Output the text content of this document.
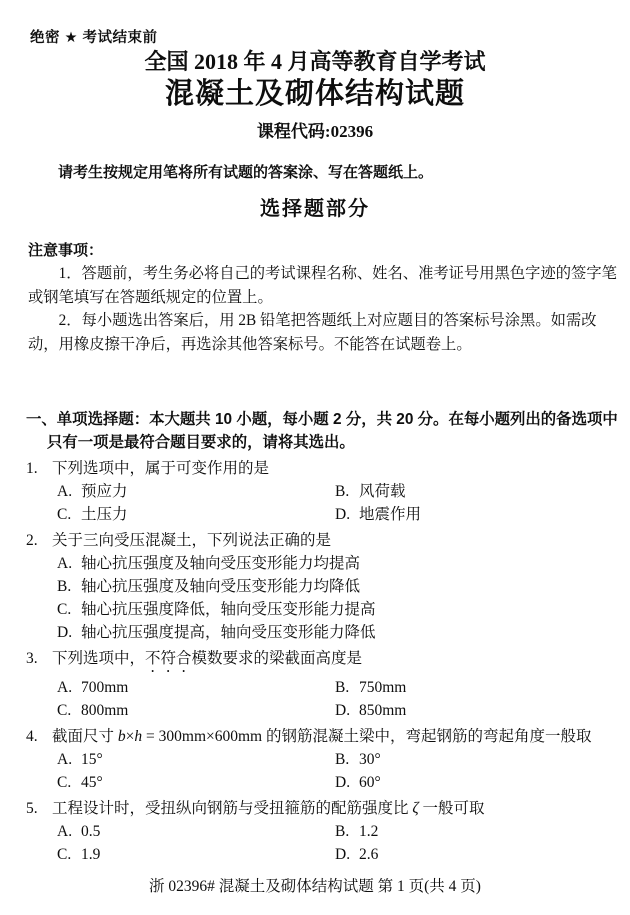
绝密 ★ 考试结束前
全国 2018 年 4 月高等教育自学考试
混凝土及砌体结构试题
课程代码:02396
请考生按规定用笔将所有试题的答案涂、写在答题纸上。
选择题部分
注意事项：

1．答题前，考生务必将自己的考试课程名称、姓名、准考证号用黑色字迹的签字笔或钢笔填写在答题纸规定的位置上。

2．每小题选出答案后，用 2B 铅笔把答题纸上对应题目的答案标号涂黑。如需改动，用橡皮擦干净后，再选涂其他答案标号。不能答在试题卷上。

一、单项选择题：本大题共 10 小题，每小题 2 分，共 20 分。在每小题列出的备选项中只有一项是最符合题目要求的，请将其选出。
1. 下列选项中，属于可变作用的是
A. 预应力	B. 风荷载
C. 土压力	D. 地震作用
2. 关于三向受压混凝土，下列说法正确的是
A. 轴心抗压强度及轴向受压变形能力均提高
B. 轴心抗压强度及轴向受压变形能力均降低
C. 轴心抗压强度降低，轴向受压变形能力提高
D. 轴心抗压强度提高，轴向受压变形能力降低
3. 下列选项中，不符合模数要求的梁截面高度是
A. 700mm	B. 750mm
C. 800mm	D. 850mm
4. 截面尺寸 b×h = 300mm×600mm 的钢筋混凝土梁中，弯起钢筋的弯起角度一般取
A. 15°	B. 30°
C. 45°	D. 60°
5. 工程设计时，受扭纵向钢筋与受扭箍筋的配筋强度比 ζ 一般可取
A. 0.5	B. 1.2
C. 1.9	D. 2.6
浙 02396# 混凝土及砌体结构试题 第 1 页(共 4 页)
